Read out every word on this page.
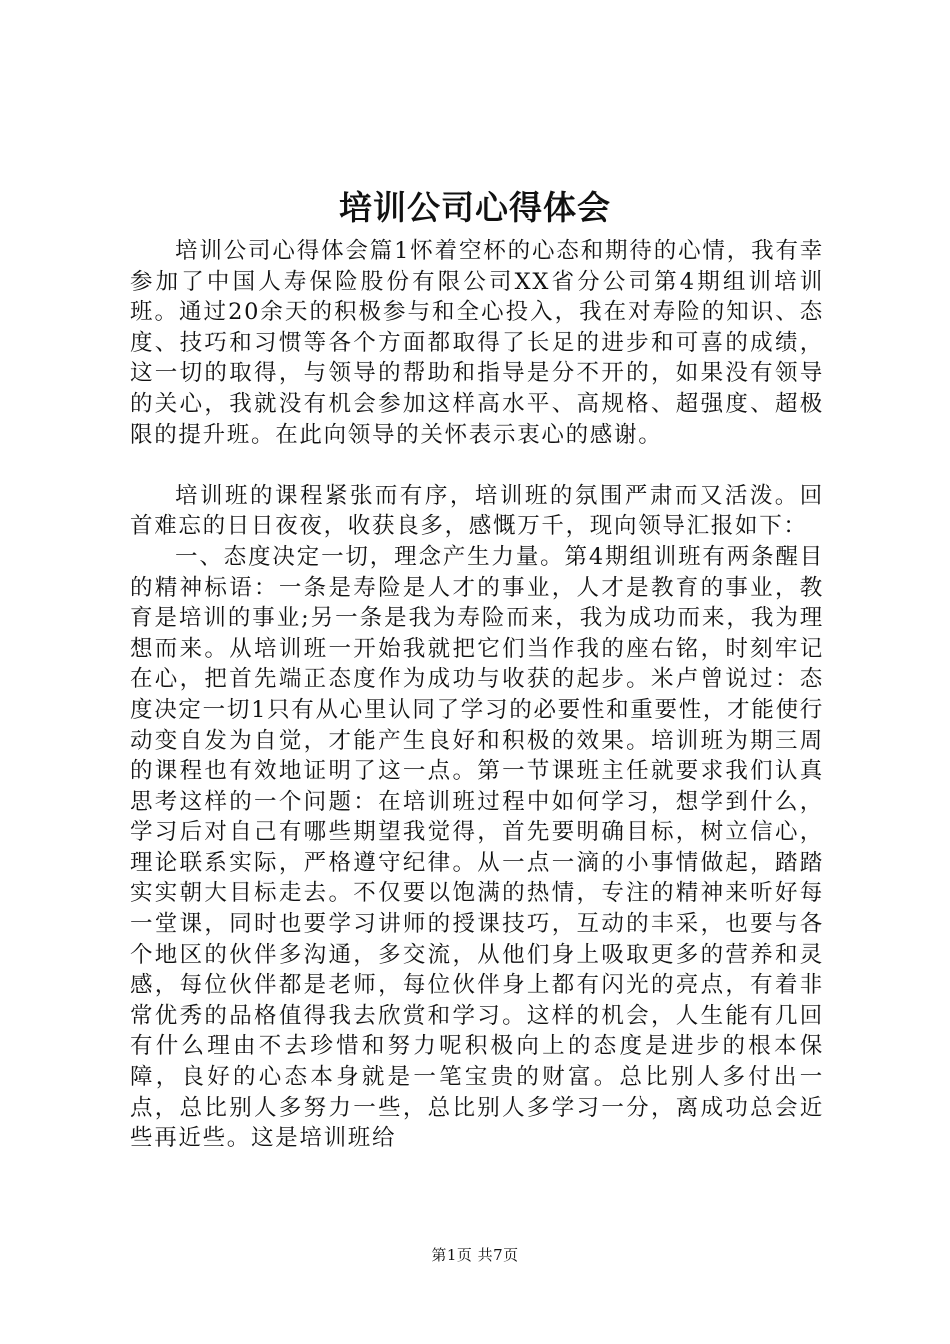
培训公司心得体会

培训公司心得体会篇1怀着空杯的心态和期待的心情，我有幸参加了中国人寿保险股份有限公司XX省分公司第4期组训培训班。通过20余天的积极参与和全心投入，我在对寿险的知识、态度、技巧和习惯等各个方面都取得了长足的进步和可喜的成绩，这一切的取得，与领导的帮助和指导是分不开的，如果没有领导的关心，我就没有机会参加这样高水平、高规格、超强度、超极限的提升班。在此向领导的关怀表示衷心的感谢。

培训班的课程紧张而有序，培训班的氛围严肃而又活泼。回首难忘的日日夜夜，收获良多，感慨万千，现向领导汇报如下：

一、态度决定一切，理念产生力量。第4期组训班有两条醒目的精神标语：一条是寿险是人才的事业，人才是教育的事业，教育是培训的事业;另一条是我为寿险而来，我为成功而来，我为理想而来。从培训班一开始我就把它们当作我的座右铭，时刻牢记在心，把首先端正态度作为成功与收获的起步。米卢曾说过：态度决定一切1只有从心里认同了学习的必要性和重要性，才能使行动变自发为自觉，才能产生良好和积极的效果。培训班为期三周的课程也有效地证明了这一点。第一节课班主任就要求我们认真思考这样的一个问题：在培训班过程中如何学习，想学到什么，学习后对自己有哪些期望我觉得，首先要明确目标，树立信心，理论联系实际，严格遵守纪律。从一点一滴的小事情做起，踏踏实实朝大目标走去。不仅要以饱满的热情，专注的精神来听好每一堂课，同时也要学习讲师的授课技巧，互动的丰采，也要与各个地区的伙伴多沟通，多交流，从他们身上吸取更多的营养和灵感，每位伙伴都是老师，每位伙伴身上都有闪光的亮点，有着非常优秀的品格值得我去欣赏和学习。这样的机会，人生能有几回有什么理由不去珍惜和努力呢积极向上的态度是进步的根本保障，良好的心态本身就是一笔宝贵的财富。总比别人多付出一点，总比别人多努力一些，总比别人多学习一分，离成功总会近些再近些。这是培训班给

第1页 共7页
